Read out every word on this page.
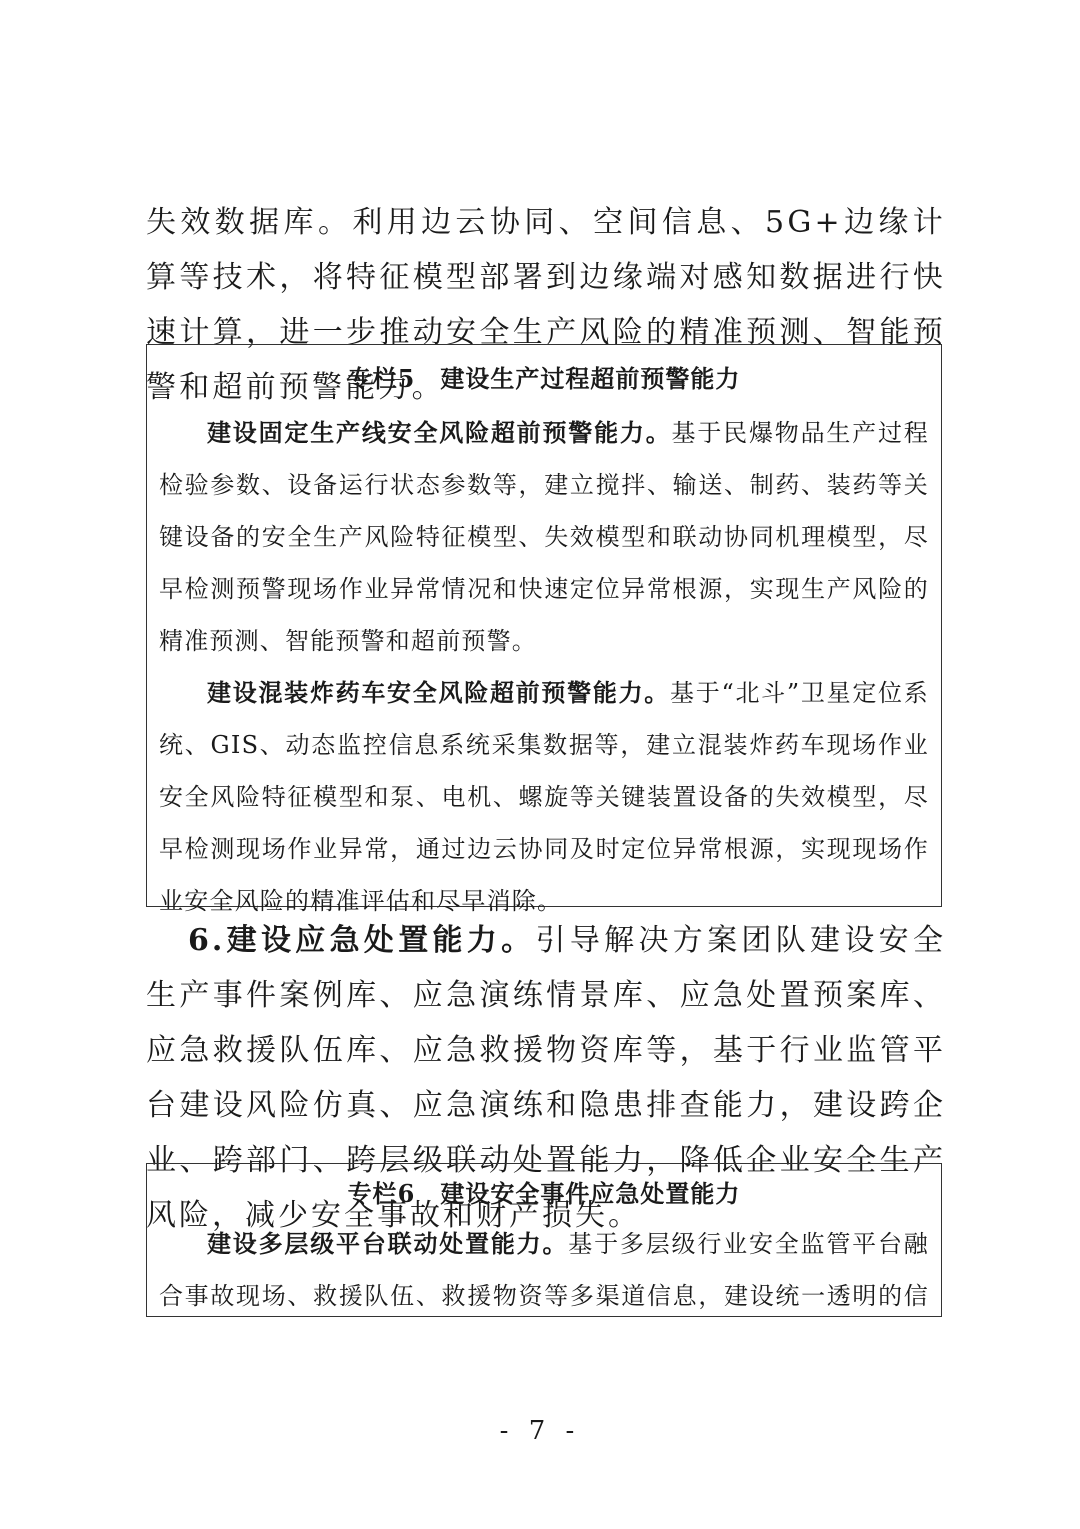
失效数据库。利用边云协同、空间信息、5G+边缘计算等技术，将特征模型部署到边缘端对感知数据进行快速计算，进一步推动安全生产风险的精准预测、智能预警和超前预警能力。
专栏5　建设生产过程超前预警能力
建设固定生产线安全风险超前预警能力。基于民爆物品生产过程检验参数、设备运行状态参数等，建立搅拌、输送、制药、装药等关键设备的安全生产风险特征模型、失效模型和联动协同机理模型，尽早检测预警现场作业异常情况和快速定位异常根源，实现生产风险的精准预测、智能预警和超前预警。
建设混装炸药车安全风险超前预警能力。基于“北斗”卫星定位系统、GIS、动态监控信息系统采集数据等，建立混装炸药车现场作业安全风险特征模型和泵、电机、螺旋等关键装置设备的失效模型，尽早检测现场作业异常，通过边云协同及时定位异常根源，实现现场作业安全风险的精准评估和尽早消除。
6.建设应急处置能力。引导解决方案团队建设安全生产事件案例库、应急演练情景库、应急处置预案库、应急救援队伍库、应急救援物资库等，基于行业监管平台建设风险仿真、应急演练和隐患排查能力，建设跨企业、跨部门、跨层级联动处置能力，降低企业安全生产风险，减少安全事故和财产损失。
专栏6　建设安全事件应急处置能力
建设多层级平台联动处置能力。基于多层级行业安全监管平台融合事故现场、救援队伍、救援物资等多渠道信息，建设统一透明的信
- 7 -
